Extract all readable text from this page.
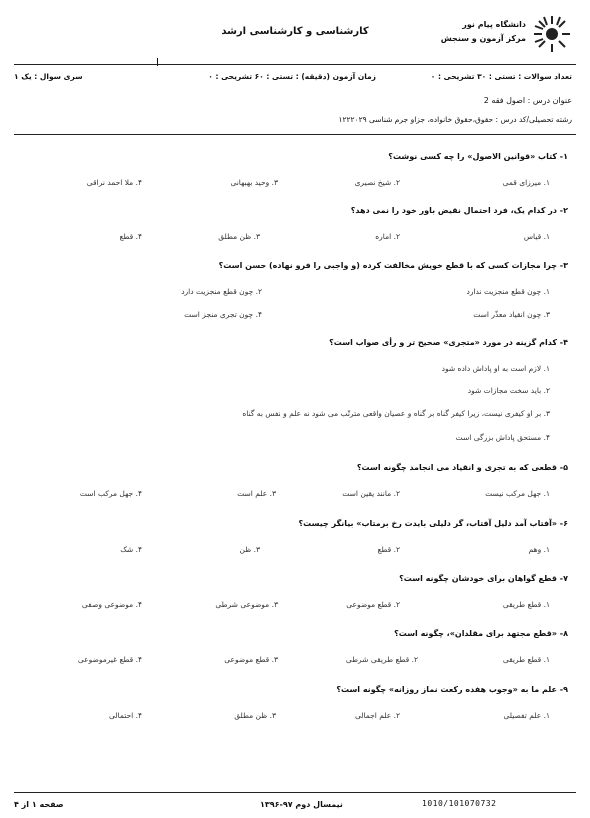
دانشگاه پیام نور
مرکز آزمون و سنجش
کارشناسی و کارشناسی ارشد
تعداد سوالات : تستی : ۳۰ تشریحی : ۰
زمان آزمون (دقیقه) : تستی : ۶۰ تشریحی : ۰
سری سوال : یک ۱
عنوان درس : اصول فقه 2
رشته تحصیلی/کد درس : حقوق،حقوق خانواده، جزاو جرم شناسی ۱۲۲۲۰۲۹
۱- کتاب «قوانین الاصول» را چه کسی نوشت؟
۱. میرزای قمی
۲. شیخ نصیری
۳. وحید بهبهانی
۴. ملا احمد نراقی
۲- در کدام یک، فرد احتمال نقیض باور خود را نمی دهد؟
۱. قیاس
۲. اماره
۳. ظن مطلق
۴. قطع
۳- چرا مجازات کسی که با قطع خویش مخالفت کرده (و واجبی را فرو نهاده) حسن است؟
۱. چون قطع منجزیت ندارد
۲. چون قطع منجزیت دارد
۳. چون انقیاد معذّر است
۴. چون تجری منجز است
۴- کدام گزینه در مورد «متجری» صحیح تر و رأی صواب است؟
۱. لازم است به او پاداش داده شود
۲. باید سخت مجازات شود
۳. بر او کیفری نیست، زیرا کیفر گناه بر گناه و عصیان واقعی مترتّب می شود نه علم و نفس به گناه
۴. مستحق پاداش بزرگی است
۵- قطعی که به تجری و انقیاد می انجامد چگونه است؟
۱. جهل مرکب نیست
۲. مانند یقین است
۳. علم است
۴. جهل مرکب است
۶- «آفتاب آمد دلیل آفتاب، گر دلیلی بایدت رخ برمتاب» بیانگر چیست؟
۱. وهم
۲. قطع
۳. ظن
۴. شک
۷- قطع گواهان برای خودشان چگونه است؟
۱. قطع طریقی
۲. قطع موضوعی
۳. موضوعی شرطی
۴. موضوعی وصفی
۸- «قطع مجتهد برای مقلدان»، چگونه است؟
۱. قطع طریقی
۲. قطع طریقی شرطی
۳. قطع موضوعی
۴. قطع غیرموضوعی
۹- علم ما به «وجوب هفده رکعت نماز روزانه» چگونه است؟
۱. علم تفصیلی
۲. علم اجمالی
۳. ظن مطلق
۴. احتمالی
صفحه ۱ از ۴	نیمسال دوم ۹۷-۱۳۹۶	1010/101070732
